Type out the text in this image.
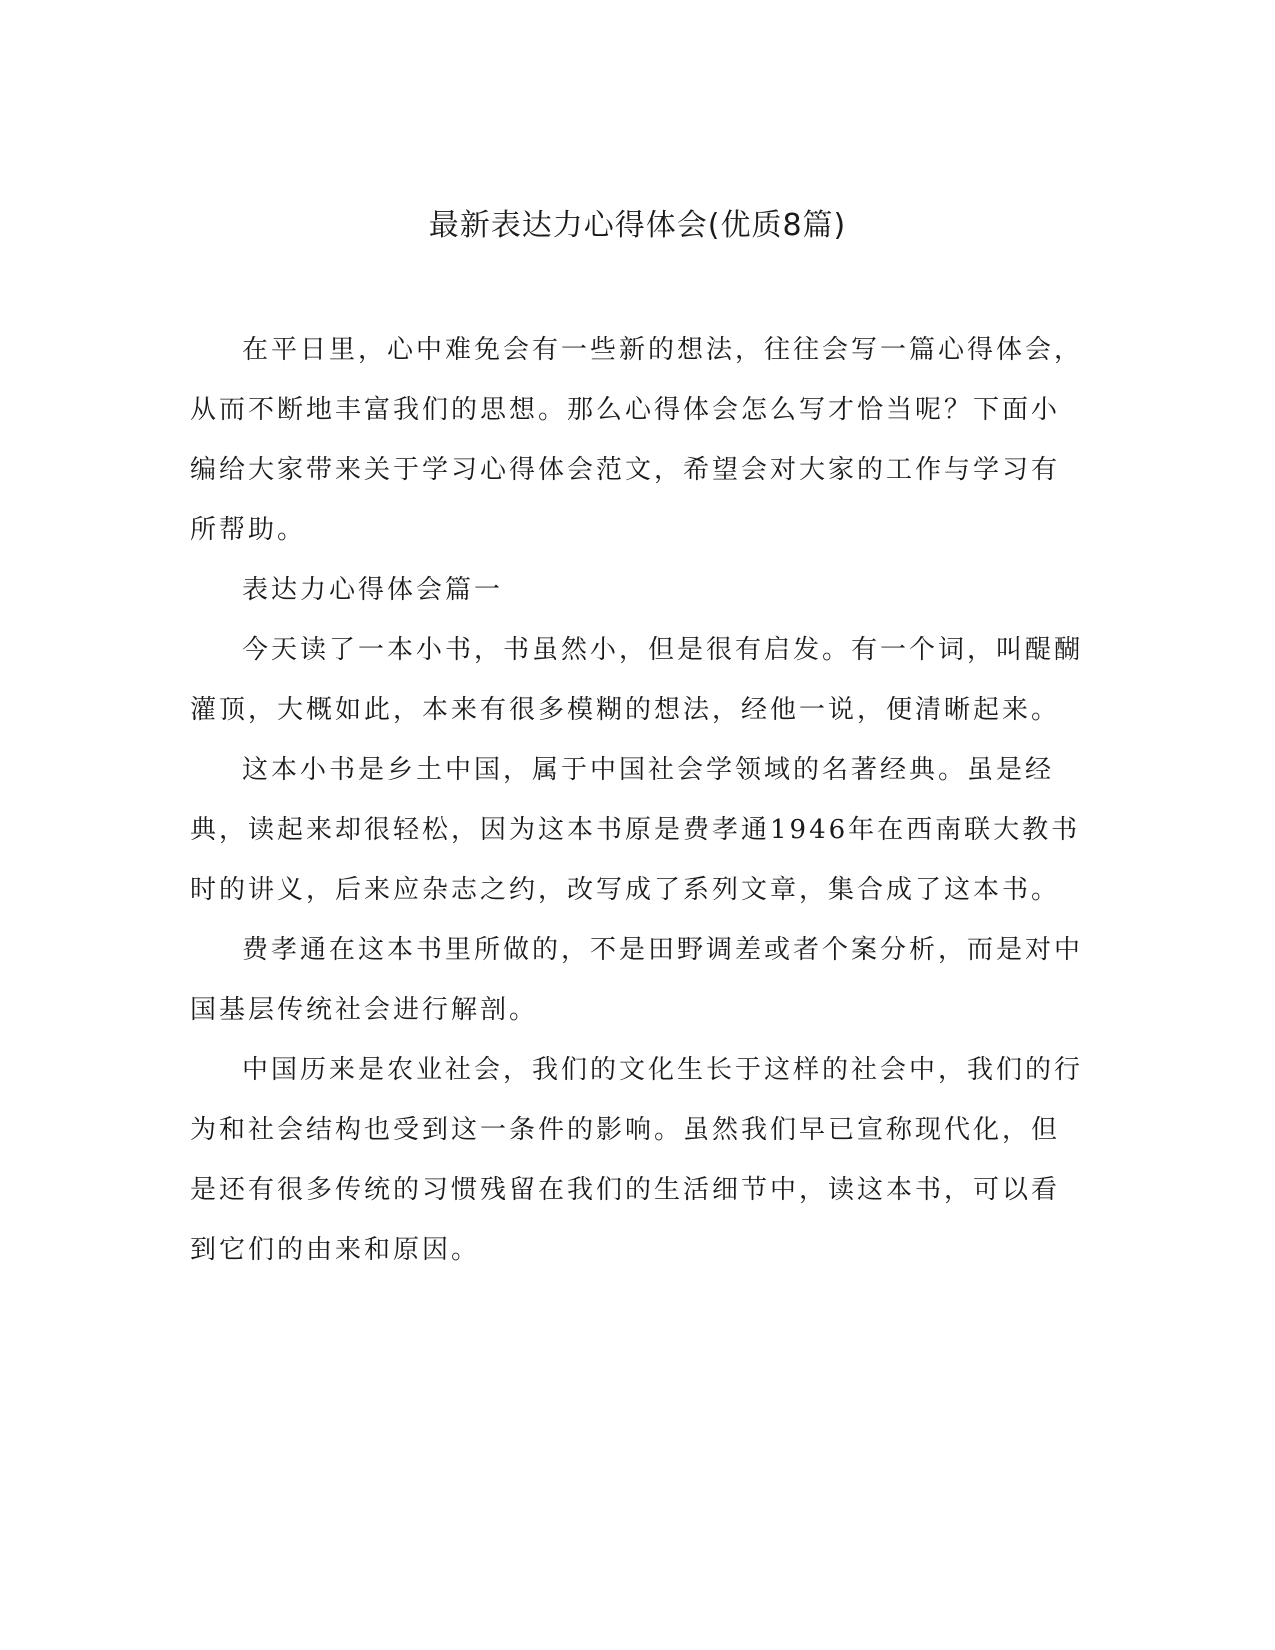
最新表达力心得体会(优质8篇)

在平日里，心中难免会有一些新的想法，往往会写一篇心得体会，从而不断地丰富我们的思想。那么心得体会怎么写才恰当呢？下面小编给大家带来关于学习心得体会范文，希望会对大家的工作与学习有所帮助。

表达力心得体会篇一

今天读了一本小书，书虽然小，但是很有启发。有一个词，叫醍醐灌顶，大概如此，本来有很多模糊的想法，经他一说，便清晰起来。

这本小书是乡土中国，属于中国社会学领域的名著经典。虽是经典，读起来却很轻松，因为这本书原是费孝通1946年在西南联大教书时的讲义，后来应杂志之约，改写成了系列文章，集合成了这本书。

费孝通在这本书里所做的，不是田野调差或者个案分析，而是对中国基层传统社会进行解剖。

中国历来是农业社会，我们的文化生长于这样的社会中，我们的行为和社会结构也受到这一条件的影响。虽然我们早已宣称现代化，但是还有很多传统的习惯残留在我们的生活细节中，读这本书，可以看到它们的由来和原因。
